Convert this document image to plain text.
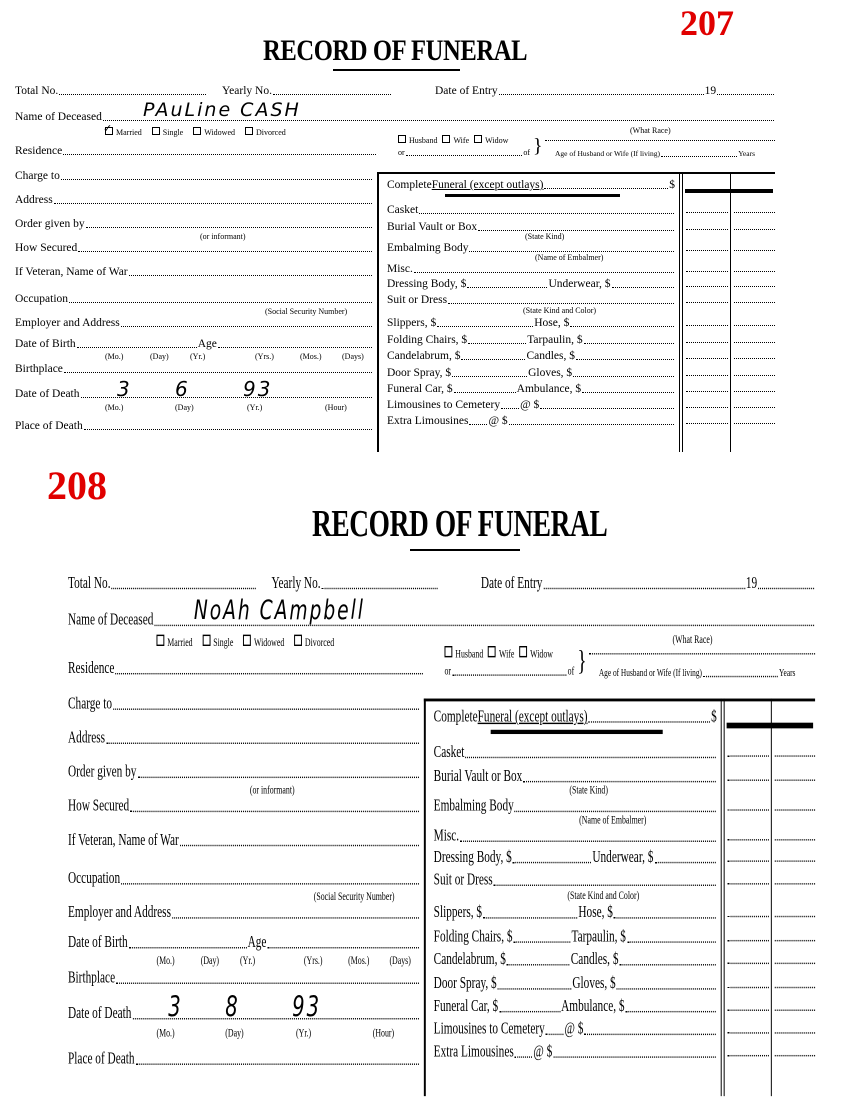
207
RECORD OF FUNERAL
Total No.	Yearly No.	Date of Entry	19
Name of Deceased PAuLine CASH
✓ Married	Single	Widowed	Divorced
Residence
Husband	Wife	Widow
or	of }
(What Race)
Age of Husband or Wife (If living)	Years
Charge to
Address
Order given by
How Secured
If Veteran, Name of War
Occupation
Employer and Address
Birthplace
Place of Death
(or informant)
(Social Security Number)
Date of Birth	Age
(Mo.)	(Day)	(Yr.)	(Yrs.)	(Mos.)	(Days)
Date of Death
(Mo.)	(Day)	(Yr.)	(Hour)
3 6	93
Complete Funeral (except outlays)	$
Casket
Burial Vault or Box
Embalming Body
Misc.
Dressing Body, $	Underwear, $
Suit or Dress
Slippers, $	Hose, $
Folding Chairs, $	Tarpaulin, $
Candelabrum, $	Candles, $
Door Spray, $	Gloves, $
Funeral Car, $	Ambulance, $
Limousines to Cemetery @ $
Extra Limousines @ $
(State Kind)
(Name of Embalmer)
(State Kind and Color)
208
RECORD OF FUNERAL
Total No.	Yearly No.	Date of Entry	19
Name of Deceased NoAh CAmpbell
Married	Single	Widowed	Divorced
Residence
Husband	Wife	Widow
or	of }
(What Race)
Age of Husband or Wife (If living)	Years
Charge to
Address
Order given by
How Secured
If Veteran, Name of War
Occupation
Employer and Address
Birthplace
Place of Death
(or informant)
(Social Security Number)
Date of Birth	Age
(Mo.)	(Day)	(Yr.)	(Yrs.)	(Mos.)	(Days)
Date of Death
(Mo.)	(Day)	(Yr.)	(Hour)
3 8	93
Complete Funeral (except outlays)	$
Casket
Burial Vault or Box
Embalming Body
Misc.
Dressing Body, $	Underwear, $
Suit or Dress
Slippers, $	Hose, $
Folding Chairs, $	Tarpaulin, $
Candelabrum, $	Candles, $
Door Spray, $	Gloves, $
Funeral Car, $	Ambulance, $
Limousines to Cemetery @ $
Extra Limousines @ $
(State Kind)
(Name of Embalmer)
(State Kind and Color)
